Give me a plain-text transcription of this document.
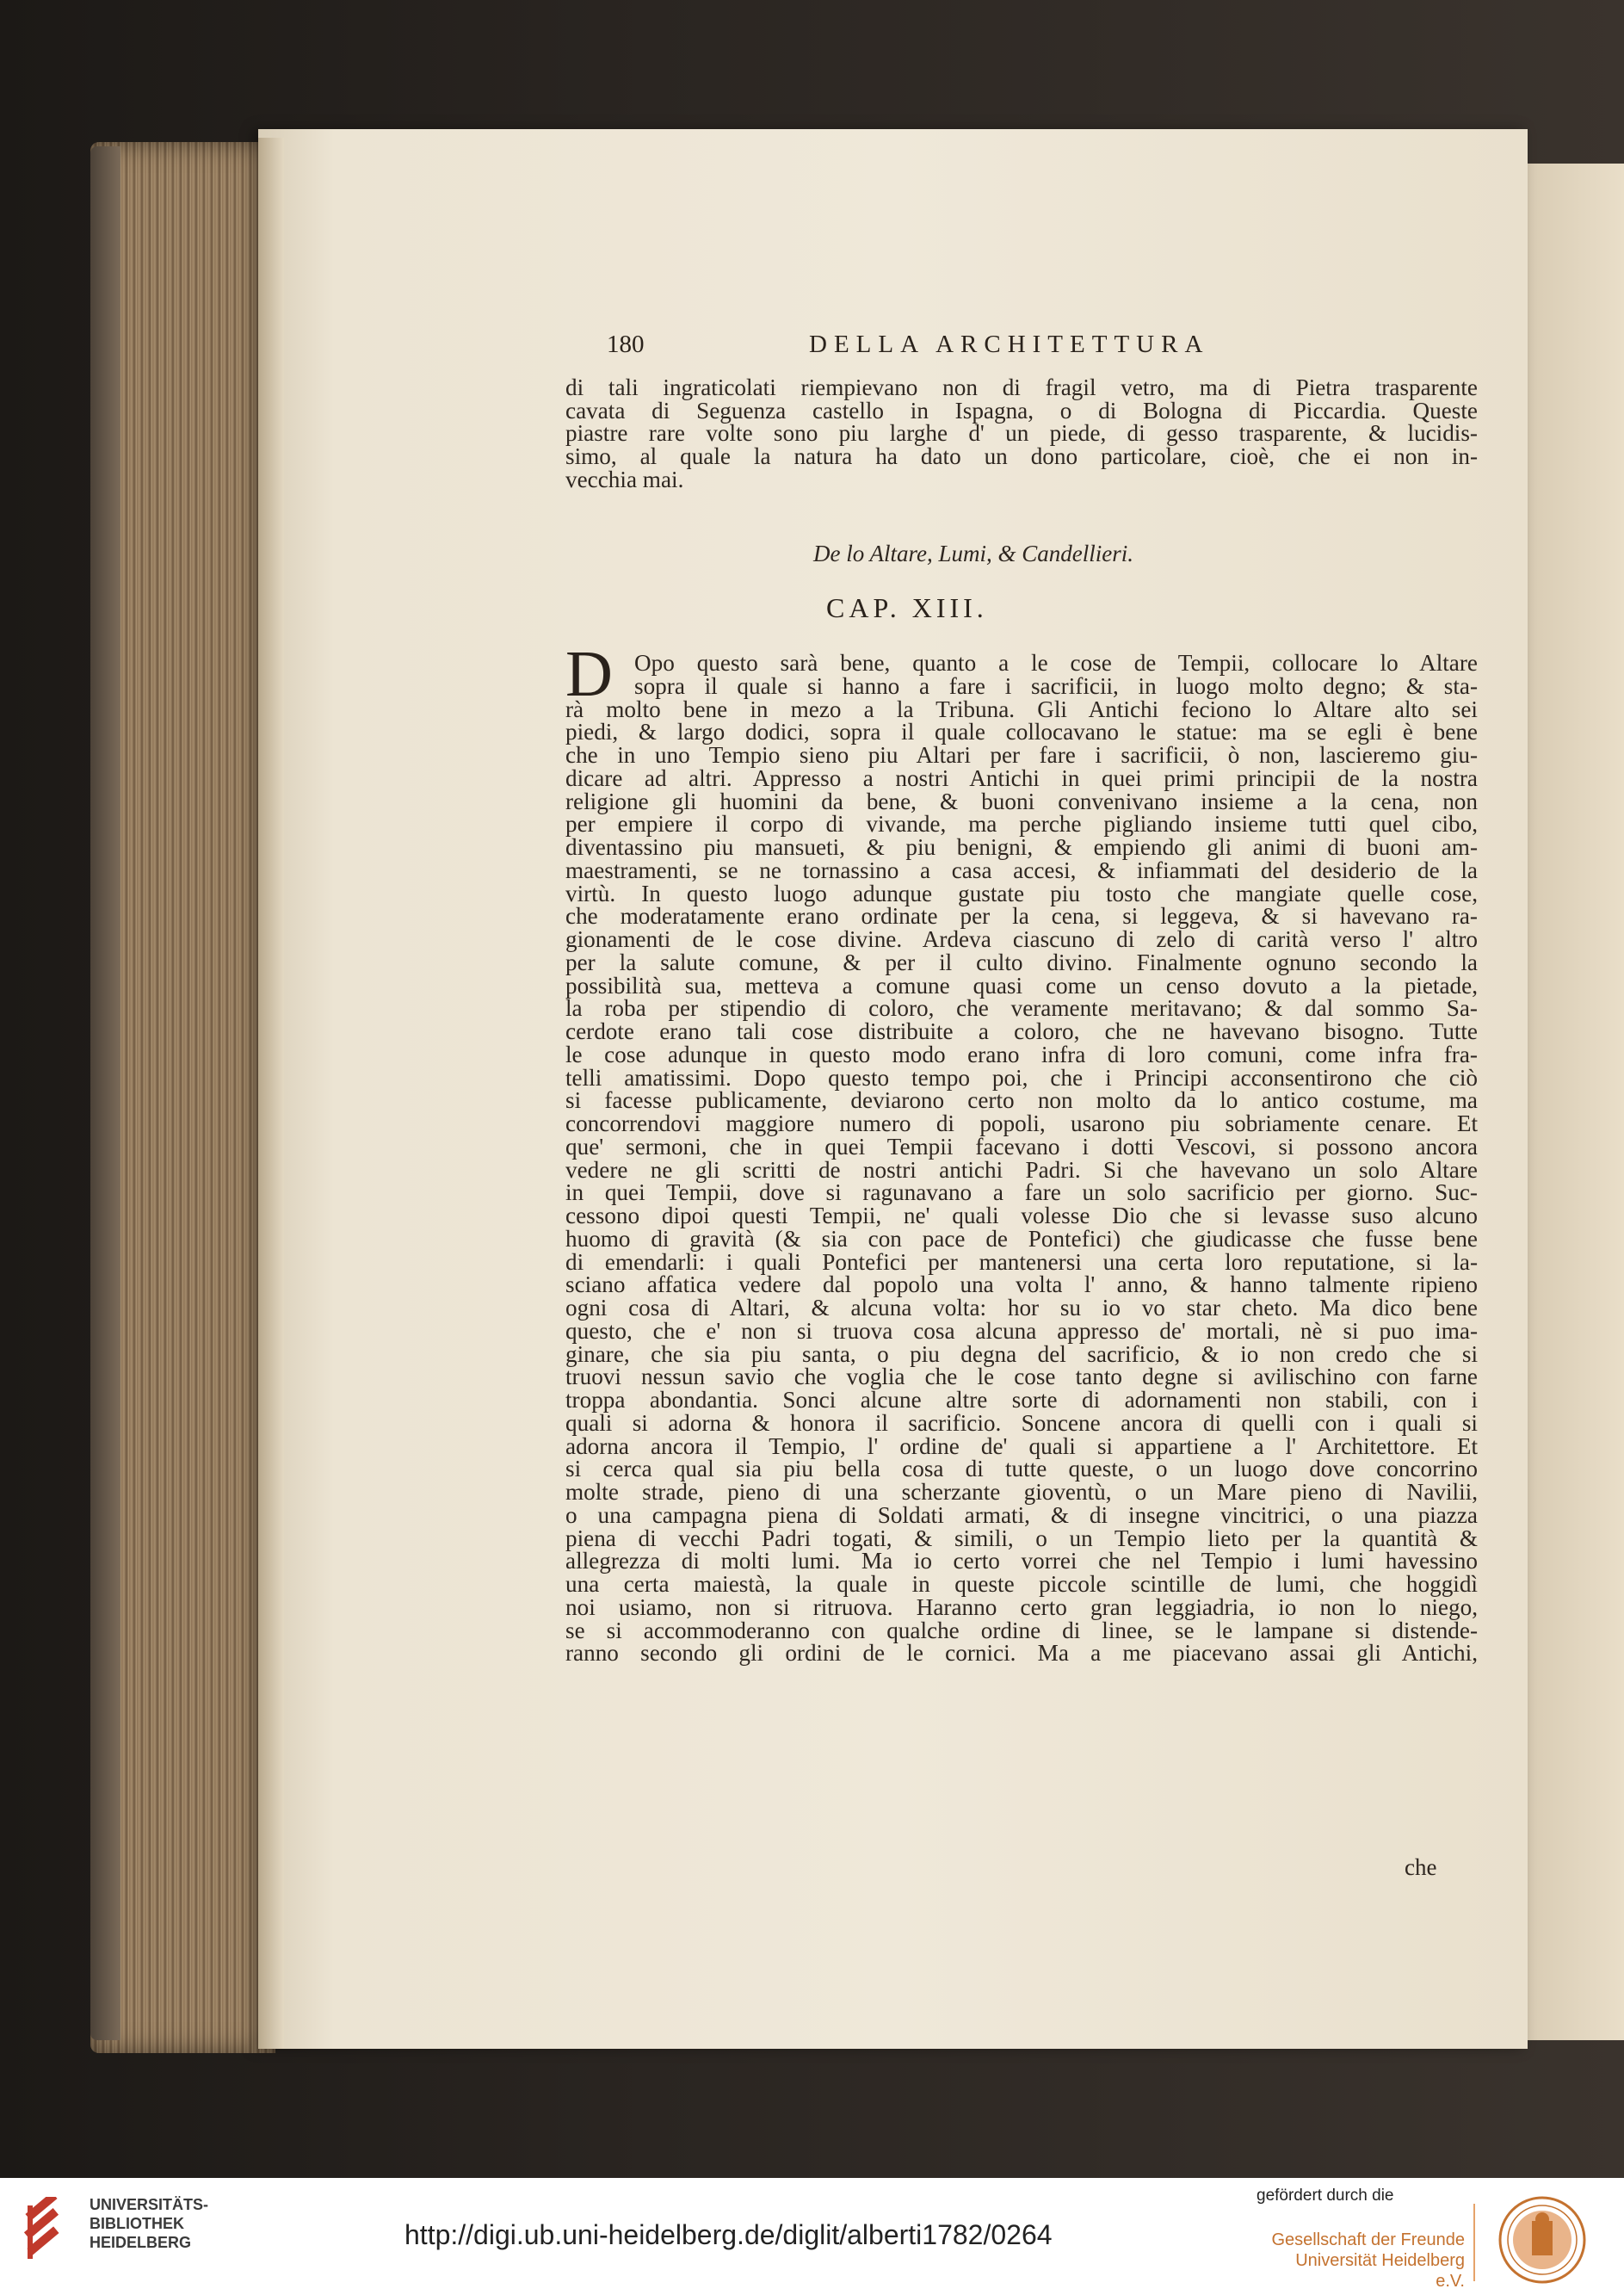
180	DELLA ARCHITETTURA
di tali ingraticolati riempievano non di fragil vetro, ma di Pietra trasparente
cavata di Seguenza castello in Ispagna, o di Bologna di Piccardia. Queste
piastre rare volte sono piu larghe d' un piede, di gesso trasparente, & lucidis-
simo, al quale la natura ha dato un dono particolare, cioè, che ei non in-
vecchia mai.
De lo Altare, Lumi, & Candellieri.
CAP. XIII.
D Opo questo sarà bene, quanto a le cose de Tempii, collocare lo Altare
sopra il quale si hanno a fare i sacrificii, in luogo molto degno; & sta-
rà molto bene in mezo a la Tribuna. Gli Antichi feciono lo Altare alto sei
piedi, & largo dodici, sopra il quale collocavano le statue: ma se egli è bene
che in uno Tempio sieno piu Altari per fare i sacrificii, ò non, lascieremo giu-
dicare ad altri. Appresso a nostri Antichi in quei primi principii de la nostra
religione gli huomini da bene, & buoni convenivano insieme a la cena, non
per empiere il corpo di vivande, ma perche pigliando insieme tutti quel cibo,
diventassino piu mansueti, & piu benigni, & empiendo gli animi di buoni am-
maestramenti, se ne tornassino a casa accesi, & infiammati del desiderio de la
virtù. In questo luogo adunque gustate piu tosto che mangiate quelle cose,
che moderatamente erano ordinate per la cena, si leggeva, & si havevano ra-
gionamenti de le cose divine. Ardeva ciascuno di zelo di carità verso l' altro
per la salute comune, & per il culto divino. Finalmente ognuno secondo la
possibilità sua, metteva a comune quasi come un censo dovuto a la pietade,
la roba per stipendio di coloro, che veramente meritavano; & dal sommo Sa-
cerdote erano tali cose distribuite a coloro, che ne havevano bisogno. Tutte
le cose adunque in questo modo erano infra di loro comuni, come infra fra-
telli amatissimi. Dopo questo tempo poi, che i Principi acconsentirono che ciò
si facesse publicamente, deviarono certo non molto da lo antico costume, ma
concorrendovi maggiore numero di popoli, usarono piu sobriamente cenare. Et
que' sermoni, che in quei Tempii facevano i dotti Vescovi, si possono ancora
vedere ne gli scritti de nostri antichi Padri. Si che havevano un solo Altare
in quei Tempii, dove si ragunavano a fare un solo sacrificio per giorno. Suc-
cessono dipoi questi Tempii, ne' quali volesse Dio che si levasse suso alcuno
huomo di gravità (& sia con pace de Pontefici) che giudicasse che fusse bene
di emendarli: i quali Pontefici per mantenersi una certa loro reputatione, si la-
sciano affatica vedere dal popolo una volta l' anno, & hanno talmente ripieno
ogni cosa di Altari, & alcuna volta: hor su io vo star cheto. Ma dico bene
questo, che e' non si truova cosa alcuna appresso de' mortali, nè si puo ima-
ginare, che sia piu santa, o piu degna del sacrificio, & io non credo che si
truovi nessun savio che voglia che le cose tanto degne si avilischino con farne
troppa abondantia. Sonci alcune altre sorte di adornamenti non stabili, con i
quali si adorna & honora il sacrificio. Soncene ancora di quelli con i quali si
adorna ancora il Tempio, l' ordine de' quali si appartiene a l' Architettore. Et
si cerca qual sia piu bella cosa di tutte queste, o un luogo dove concorrino
molte strade, pieno di una scherzante gioventù, o un Mare pieno di Navilii,
o una campagna piena di Soldati armati, & di insegne vincitrici, o una piazza
piena di vecchi Padri togati, & simili, o un Tempio lieto per la quantità &
allegrezza di molti lumi. Ma io certo vorrei che nel Tempio i lumi havessino
una certa maiestà, la quale in queste piccole scintille de lumi, che hoggidì
noi usiamo, non si ritruova. Haranno certo gran leggiadria, io non lo niego,
se si accommoderanno con qualche ordine di linee, se le lampane si distende-
ranno secondo gli ordini de le cornici. Ma a me piacevano assai gli Antichi,
che
UNIVERSITÄTS-
BIBLIOTHEK
HEIDELBERG	http://digi.ub.uni-heidelberg.de/diglit/alberti1782/0264
gefördert durch die
Gesellschaft der Freunde
Universität Heidelberg e.V.
